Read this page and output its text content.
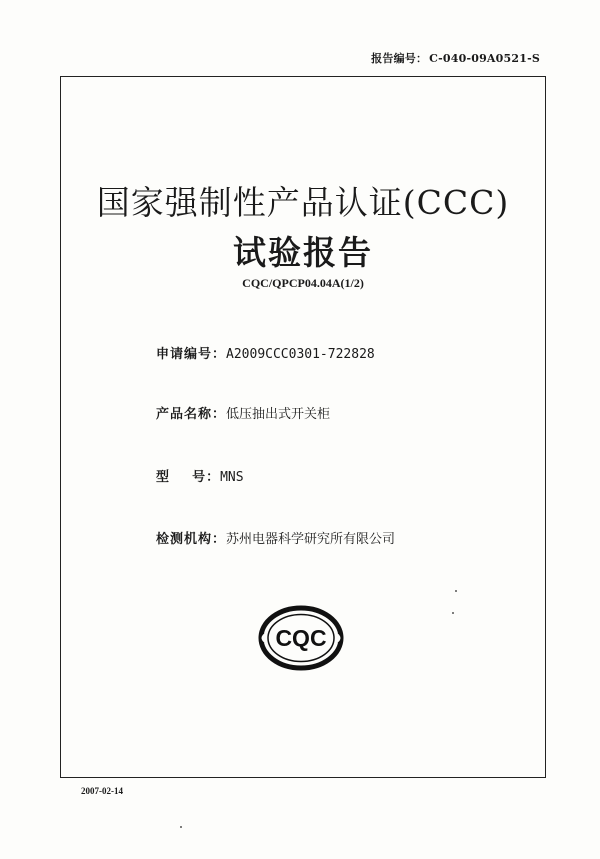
报告编号： C-040-09A0521-S
国家强制性产品认证(CCC)
试验报告
CQC/QPCP04.04A(1/2)
申请编号：A2009CCC0301-722828
产品名称：低压抽出式开关柜
型    号：MNS
检测机构：苏州电器科学研究所有限公司
CQC
2007-02-14
